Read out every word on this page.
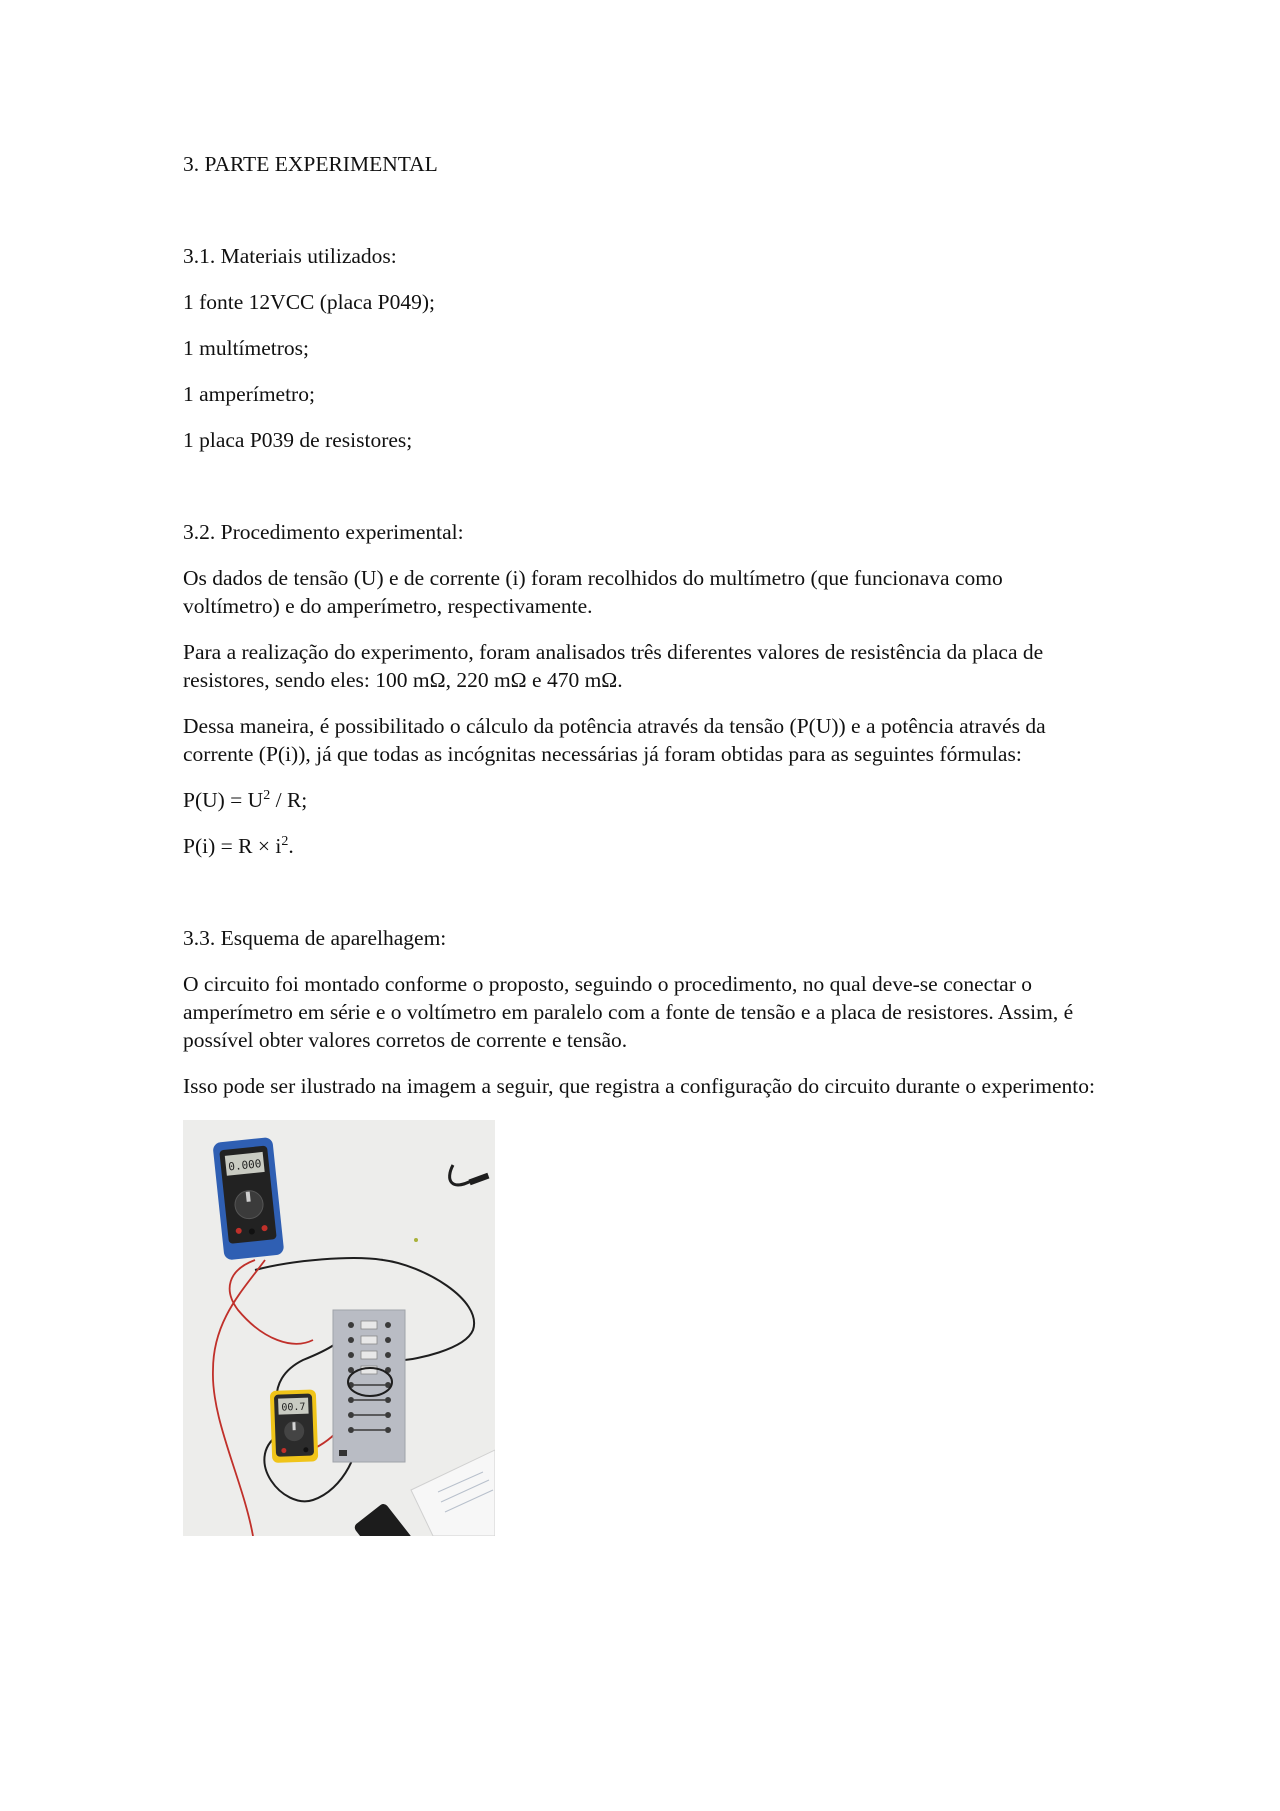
3. PARTE EXPERIMENTAL

3.1. Materiais utilizados:

1 fonte 12VCC (placa P049);

1 multímetros;

1 amperímetro;

1 placa P039 de resistores;

3.2. Procedimento experimental:

Os dados de tensão (U) e de corrente (i) foram recolhidos do multímetro (que funcionava como voltímetro) e do amperímetro, respectivamente.

Para a realização do experimento, foram analisados três diferentes valores de resistência da placa de resistores, sendo eles: 100 mΩ, 220 mΩ e 470 mΩ.

Dessa maneira, é possibilitado o cálculo da potência através da tensão (P(U)) e a potência através da corrente (P(i)), já que todas as incógnitas necessárias já foram obtidas para as seguintes fórmulas:

$P(U) = U^2 / R$;

$P(i) = R \times i^2$.

3.3. Esquema de aparelhagem:

O circuito foi montado conforme o proposto, seguindo o procedimento, no qual deve-se conectar o amperímetro em série e o voltímetro em paralelo com a fonte de tensão e a placa de resistores. Assim, é possível obter valores corretos de corrente e tensão.

Isso pode ser ilustrado na imagem a seguir, que registra a configuração do circuito durante o experimento:

0.000
00.7
